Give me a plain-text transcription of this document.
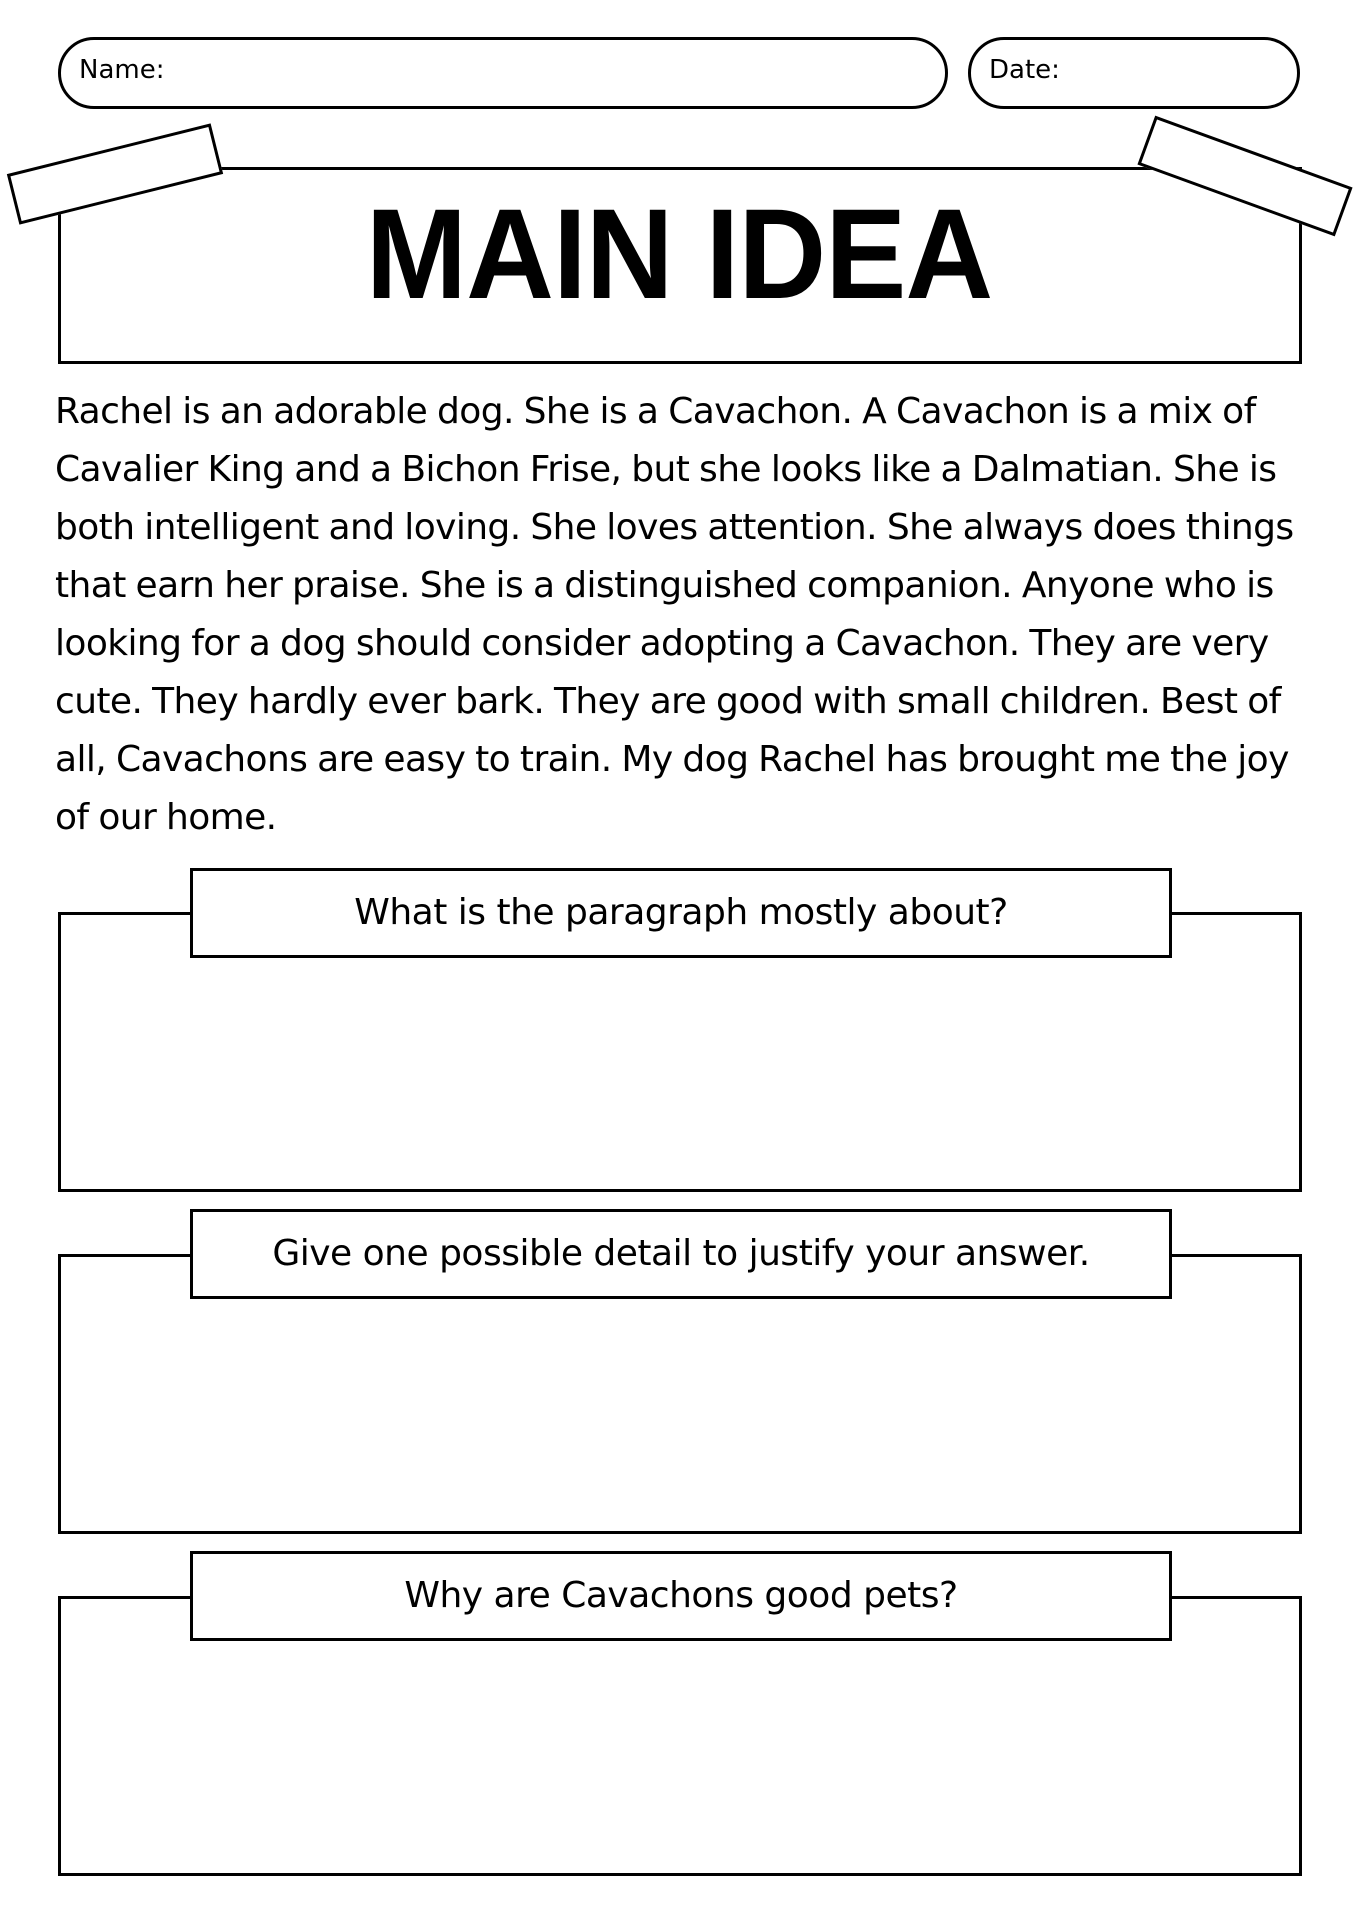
Name:	Date:
MAIN IDEA
Rachel is an adorable dog. She is a Cavachon. A Cavachon is a mix of Cavalier King and a Bichon Frise, but she looks like a Dalmatian. She is both intelligent and loving. She loves attention. She always does things that earn her praise. She is a distinguished companion. Anyone who is looking for a dog should consider adopting a Cavachon. They are very cute. They hardly ever bark. They are good with small children. Best of all, Cavachons are easy to train. My dog Rachel has brought me the joy of our home.
What is the paragraph mostly about?
Give one possible detail to justify your answer.
Why are Cavachons good pets?
